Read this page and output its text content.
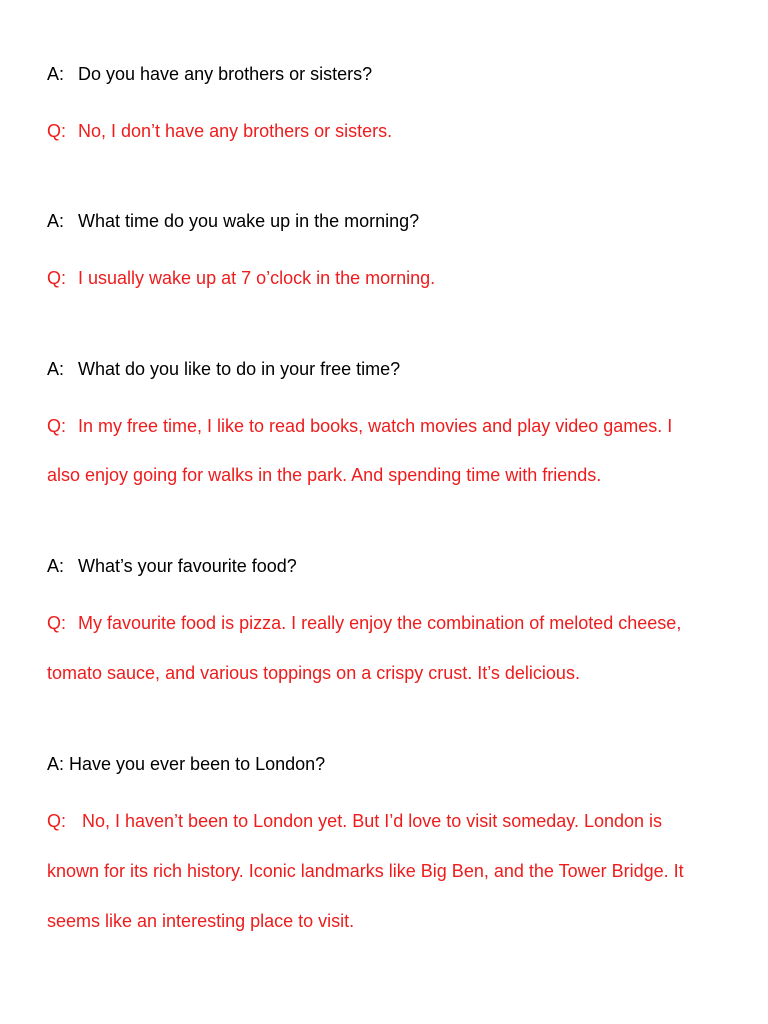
A: Do you have any brothers or sisters?
Q: No, I don’t have any brothers or sisters.
A: What time do you wake up in the morning?
Q: I usually wake up at 7 o’clock in the morning.
A: What do you like to do in your free time?
Q: In my free time, I like to read books, watch movies and play video games. I
also enjoy going for walks in the park. And spending time with friends.
A: What’s your favourite food?
Q: My favourite food is pizza. I really enjoy the combination of meloted cheese,
tomato sauce, and various toppings on a crispy crust. It’s delicious.
A: Have you ever been to London?
Q: No, I haven’t been to London yet. But I’d love to visit someday. London is
known for its rich history. Iconic landmarks like Big Ben, and the Tower Bridge. It
seems like an interesting place to visit.
